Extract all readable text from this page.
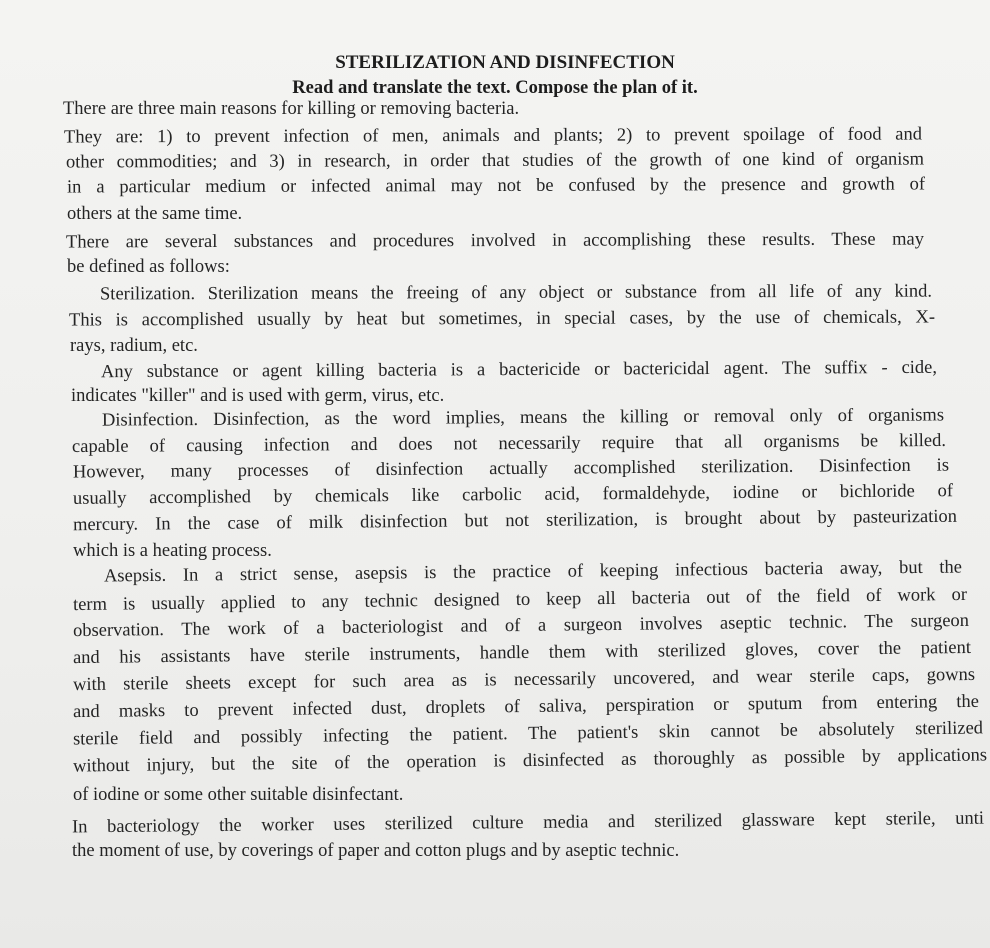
STERILIZATION AND DISINFECTION
Read and translate the text. Compose the plan of it.
There are three main reasons for killing or removing bacteria.
They are: 1) to prevent infection of men, animals and plants; 2) to prevent spoilage of food and
other commodities; and 3) in research, in order that studies of the growth of one kind of organism
in a particular medium or infected animal may not be confused by the presence and growth of
others at the same time.
There are several substances and procedures involved in accomplishing these results. These may
be defined as follows:
Sterilization. Sterilization means the freeing of any object or substance from all life of any kind.
This is accomplished usually by heat but sometimes, in special cases, by the use of chemicals, X-
rays, radium, etc.
Any substance or agent killing bacteria is a bactericide or bactericidal agent. The suffix - cide,
indicates "killer" and is used with germ, virus, etc.
Disinfection. Disinfection, as the word implies, means the killing or removal only of organisms
capable of causing infection and does not necessarily require that all organisms be killed.
However, many processes of disinfection actually accomplished sterilization. Disinfection is
usually accomplished by chemicals like carbolic acid, formaldehyde, iodine or bichloride of
mercury. In the case of milk disinfection but not sterilization, is brought about by pasteurization
which is a heating process.
Asepsis. In a strict sense, asepsis is the practice of keeping infectious bacteria away, but the
term is usually applied to any technic designed to keep all bacteria out of the field of work or
observation. The work of a bacteriologist and of a surgeon involves aseptic technic. The surgeon
and his assistants have sterile instruments, handle them with sterilized gloves, cover the patient
with sterile sheets except for such area as is necessarily uncovered, and wear sterile caps, gowns
and masks to prevent infected dust, droplets of saliva, perspiration or sputum from entering the
sterile field and possibly infecting the patient. The patient's skin cannot be absolutely sterilized
without injury, but the site of the operation is disinfected as thoroughly as possible by applications
of iodine or some other suitable disinfectant.
In bacteriology the worker uses sterilized culture media and sterilized glassware kept sterile, unti
the moment of use, by coverings of paper and cotton plugs and by aseptic technic.
